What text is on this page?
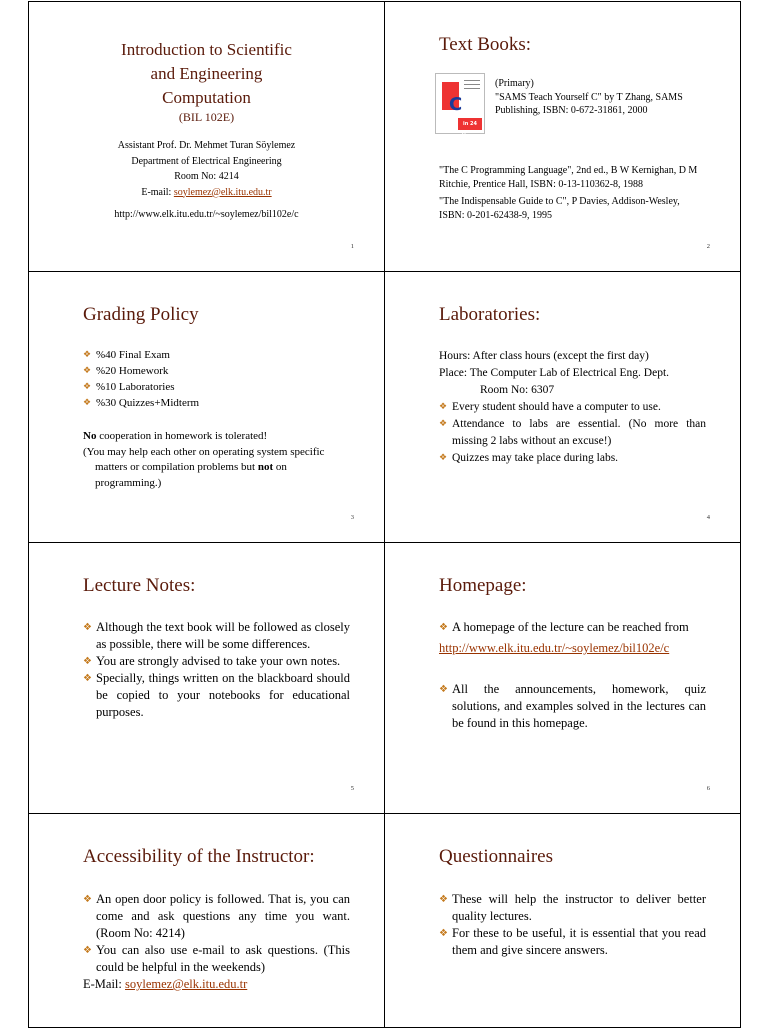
Introduction to Scientific
and Engineering
Computation
(BIL 102E)
Assistant Prof. Dr. Mehmet Turan Söylemez
Department of Electrical Engineering
Room No: 4214
E-mail: soylemez@elk.itu.edu.tr
http://www.elk.itu.edu.tr/~soylemez/bil102e/c
1
Text Books:
C
in 24 Hours
(Primary)
"SAMS Teach Yourself C" by T Zhang, SAMS Publishing, ISBN: 0-672-31861, 2000
"The C Programming Language", 2nd ed., B W Kernighan, D M Ritchie, Prentice Hall, ISBN: 0-13-110362-8, 1988
"The Indispensable Guide to C", P Davies, Addison-Wesley, ISBN: 0-201-62438-9, 1995
2
Grading Policy
❖ %40 Final Exam
❖ %20 Homework
❖ %10 Laboratories
❖ %30 Quizzes+Midterm
No cooperation in homework is tolerated!
(You may help each other on operating system specific matters or compilation problems but not on programming.)
3
Laboratories:
Hours: After class hours (except the first day)
Place: The Computer Lab of Electrical Eng. Dept.
Room No: 6307
❖ Every student should have a computer to use.
❖ Attendance to labs are essential. (No more than missing 2 labs without an excuse!)
❖ Quizzes may take place during labs.
4
Lecture Notes:
❖ Although the text book will be followed as closely as possible, there will be some differences.
❖ You are strongly advised to take your own notes.
❖ Specially, things written on the blackboard should be copied to your notebooks for educational purposes.
5
Homepage:
❖ A homepage of the lecture can be reached from
http://www.elk.itu.edu.tr/~soylemez/bil102e/c
❖ All the announcements, homework, quiz solutions, and examples solved in the lectures can be found in this homepage.
6
Accessibility of the Instructor:
❖ An open door policy is followed. That is, you can come and ask questions any time you want. (Room No: 4214)
❖ You can also use e-mail to ask questions. (This could be helpful in the weekends)
E-Mail: soylemez@elk.itu.edu.tr
Questionnaires
❖ These will help the instructor to deliver better quality lectures.
❖ For these to be useful, it is essential that you read them and give sincere answers.
